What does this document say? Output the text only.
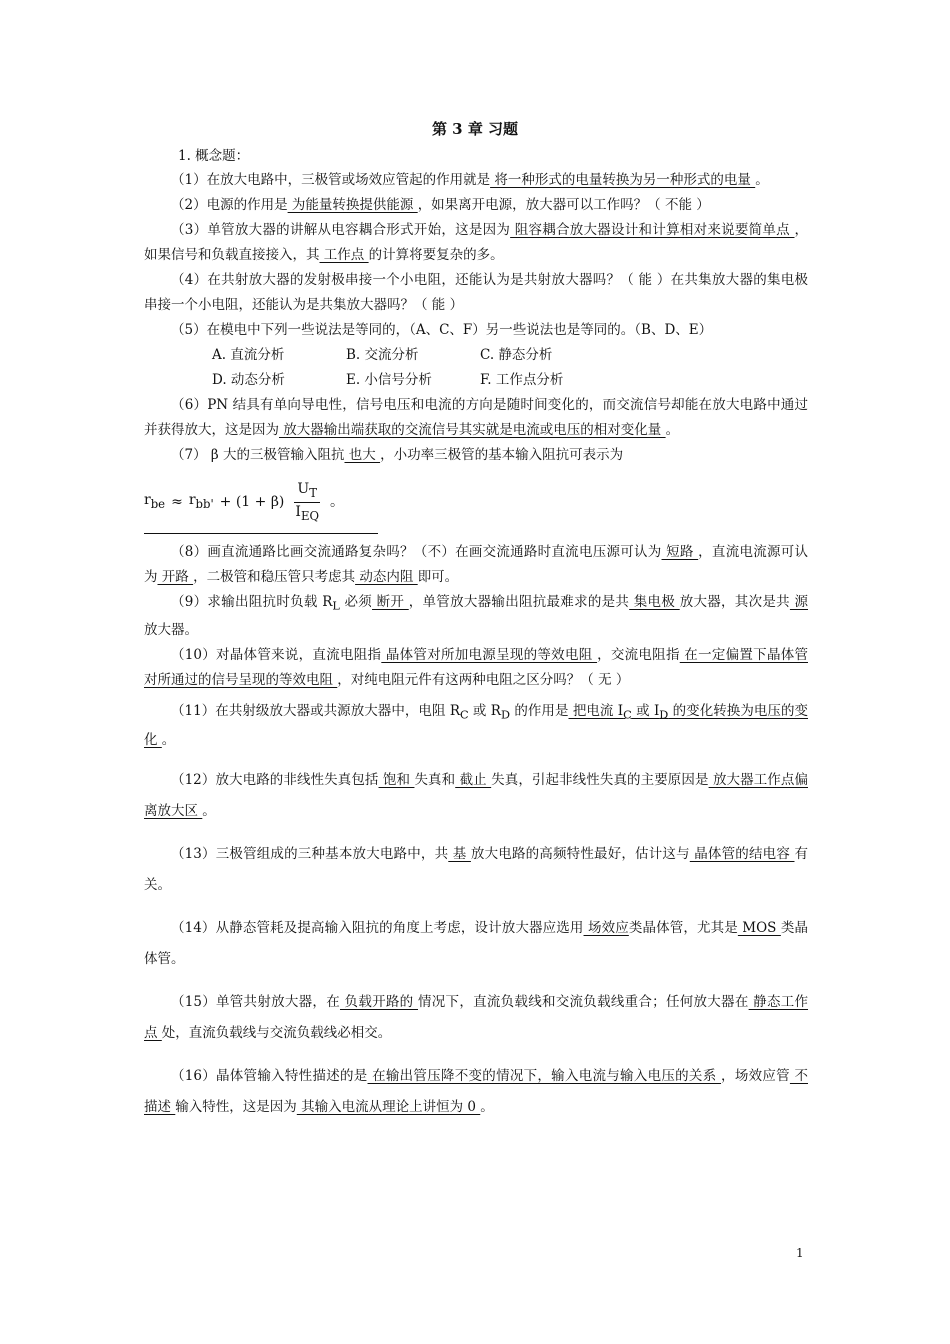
第 3 章 习题
1. 概念题：

（1）在放大电路中，三极管或场效应管起的作用就是 将一种形式的电量转换为另一种形式的电量 。

（2）电源的作用是 为能量转换提供能源 ，如果离开电源，放大器可以工作吗？（ 不能 ）

（3）单管放大器的讲解从电容耦合形式开始，这是因为 阻容耦合放大器设计和计算相对来说要简单点 ，如果信号和负载直接接入，其 工作点 的计算将要复杂的多。

（4）在共射放大器的发射极串接一个小电阻，还能认为是共射放大器吗？（ 能 ）在共集放大器的集电极串接一个小电阻，还能认为是共集放大器吗？（ 能 ）

（5）在模电中下列一些说法是等同的，（A、C、F）另一些说法也是等同的。（B、D、E）

A. 直流分析	B. 交流分析	C. 静态分析
D. 动态分析	E. 小信号分析	F. 工作点分析

（6）PN 结具有单向导电性，信号电压和电流的方向是随时间变化的，而交流信号却能在放大电路中通过并获得放大，这是因为 放大器输出端获取的交流信号其实就是电流或电压的相对变化量 。

（7） β 大的三极管输入阻抗 也大 ，小功率三极管的基本输入阻抗可表示为

$r_{be} \approx r_{bb'} + (1 + \beta) \frac{U_T}{I_{EQ}}$ 。

（8）画直流通路比画交流通路复杂吗？（不）在画交流通路时直流电压源可认为 短路 ，直流电流源可认为 开路 ，二极管和稳压管只考虑其 动态内阻 即可。

（9）求输出阻抗时负载 $R_L$ 必须 断开 ，单管放大器输出阻抗最难求的是共 集电极 放大器，其次是共 源 放大器。

（10）对晶体管来说，直流电阻指 晶体管对所加电源呈现的等效电阻 ，交流电阻指 在一定偏置下晶体管对所通过的信号呈现的等效电阻 ，对纯电阻元件有这两种电阻之区分吗？（ 无 ）

（11）在共射级放大器或共源放大器中，电阻 $R_C$ 或 $R_D$ 的作用是 把电流 $I_C$ 或 $I_D$ 的变化转换为电压的变化 。

（12）放大电路的非线性失真包括 饱和 失真和 截止 失真，引起非线性失真的主要原因是 放大器工作点偏离放大区 。

（13）三极管组成的三种基本放大电路中，共 基 放大电路的高频特性最好，估计这与 晶体管的结电容 有关。

（14）从静态管耗及提高输入阻抗的角度上考虑，设计放大器应选用 场效应类晶体管，尤其是 MOS 类晶体管。

（15）单管共射放大器，在 负载开路的 情况下，直流负载线和交流负载线重合；任何放大器在 静态工作点 处，直流负载线与交流负载线必相交。

（16）晶体管输入特性描述的是 在输出管压降不变的情况下，输入电流与输入电压的关系 ，场效应管 不描述 输入特性，这是因为 其输入电流从理论上讲恒为 0 。

1
